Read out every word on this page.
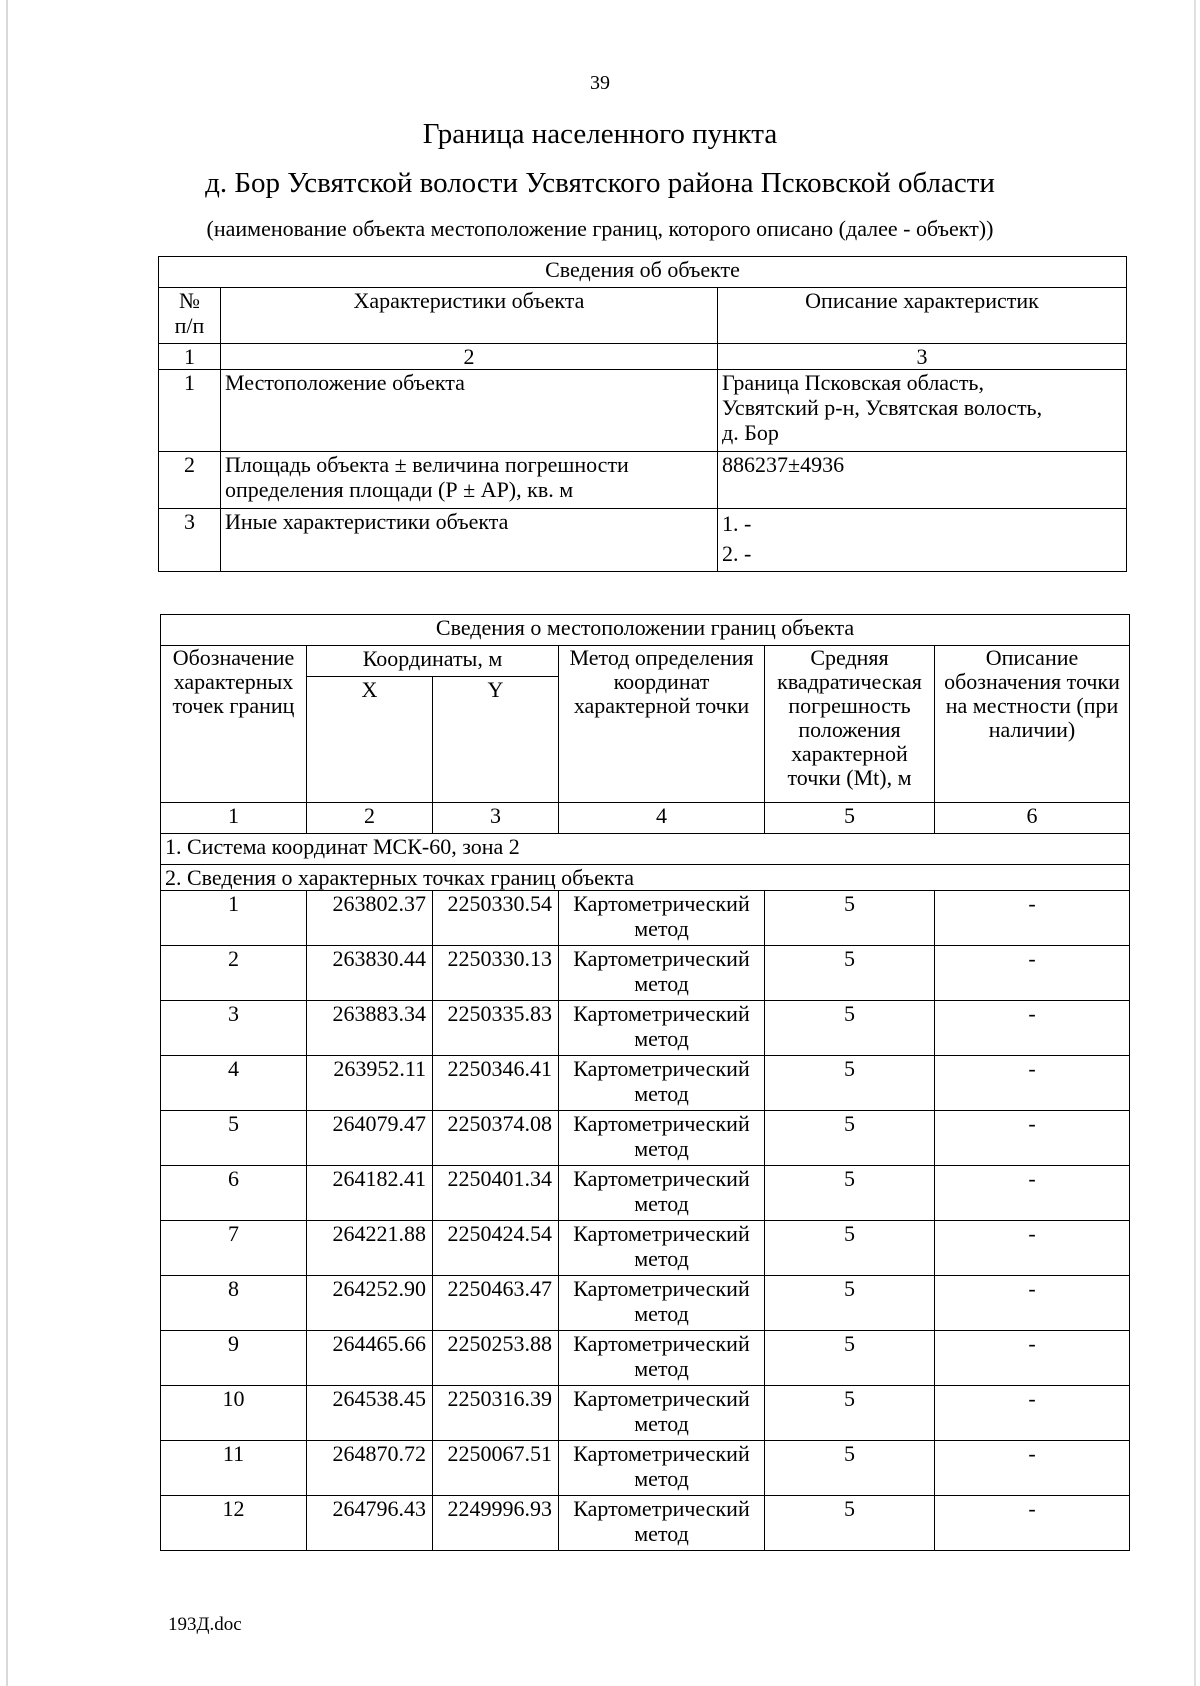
39
Граница населенного пункта
д. Бор Усвятской волости Усвятского района Псковской области
(наименование объекта местоположение границ, которого описано (далее - объект))
Сведения об объекте		
№
п/п	Характеристики объекта	Описание характеристик
1	2	3
1	Местоположение объекта	Граница Псковская область,
Усвятский р-н, Усвятская волость,
д. Бор
2	Площадь объекта ± величина погрешности
определения площади (Р ± АР), кв. м	886237±4936
3	Иные характеристики объекта	1. -
2. -
Сведения о местоположении границ объекта					
Обозначение характерных точек границ	Координаты, м		Метод определения координат характерной точки	Средняя квадратическая погрешность положения характерной точки (Mt), м	Описание обозначения точки на местности (при наличии)
	X	Y			
1	2	3	4	5	6
1. Система координат МСК-60, зона 2					
2. Сведения о характерных точках границ объекта					
1	263802.37	2250330.54	Картометрический метод	5	-
2	263830.44	2250330.13	Картометрический метод	5	-
3	263883.34	2250335.83	Картометрический метод	5	-
4	263952.11	2250346.41	Картометрический метод	5	-
5	264079.47	2250374.08	Картометрический метод	5	-
6	264182.41	2250401.34	Картометрический метод	5	-
7	264221.88	2250424.54	Картометрический метод	5	-
8	264252.90	2250463.47	Картометрический метод	5	-
9	264465.66	2250253.88	Картометрический метод	5	-
10	264538.45	2250316.39	Картометрический метод	5	-
11	264870.72	2250067.51	Картометрический метод	5	-
12	264796.43	2249996.93	Картометрический метод	5	-
193Д.doc
